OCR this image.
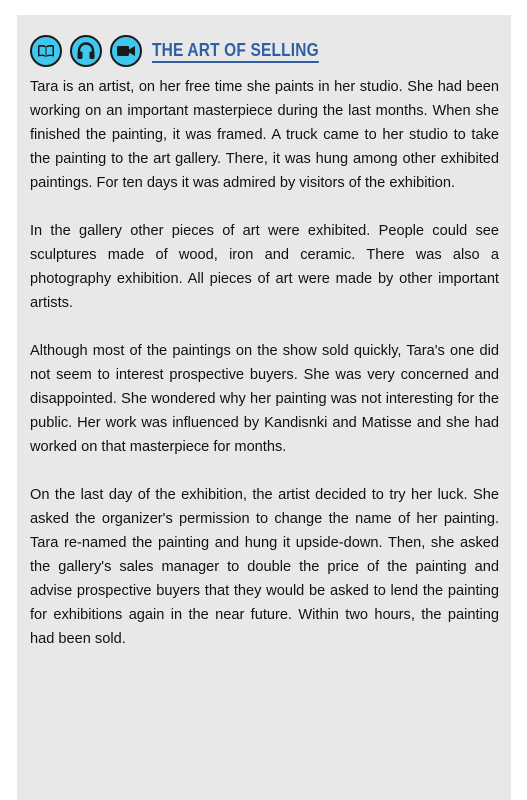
THE ART OF SELLING

Tara is an artist, on her free time she paints in her studio. She had been working on an important masterpiece during the last months. When she finished the painting, it was framed. A truck came to her studio to take the painting to the art gallery. There, it was hung among other exhibited paintings. For ten days it was admired by visitors of the exhibition.

In the gallery other pieces of art were exhibited. People could see sculptures made of wood, iron and ceramic. There was also a photography exhibition. All pieces of art were made by other important artists.

Although most of the paintings on the show sold quickly, Tara's one did not seem to interest prospective buyers. She was very concerned and disappointed. She wondered why her painting was not interesting for the public. Her work was influenced by Kandisnki and Matisse and she had worked on that masterpiece for months.

On the last day of the exhibition, the artist decided to try her luck. She asked the organizer's permission to change the name of her painting. Tara re-named the painting and hung it upside-down. Then, she asked the gallery's sales manager to double the price of the painting and advise prospective buyers that they would be asked to lend the painting for exhibitions again in the near future. Within two hours, the painting had been sold.
